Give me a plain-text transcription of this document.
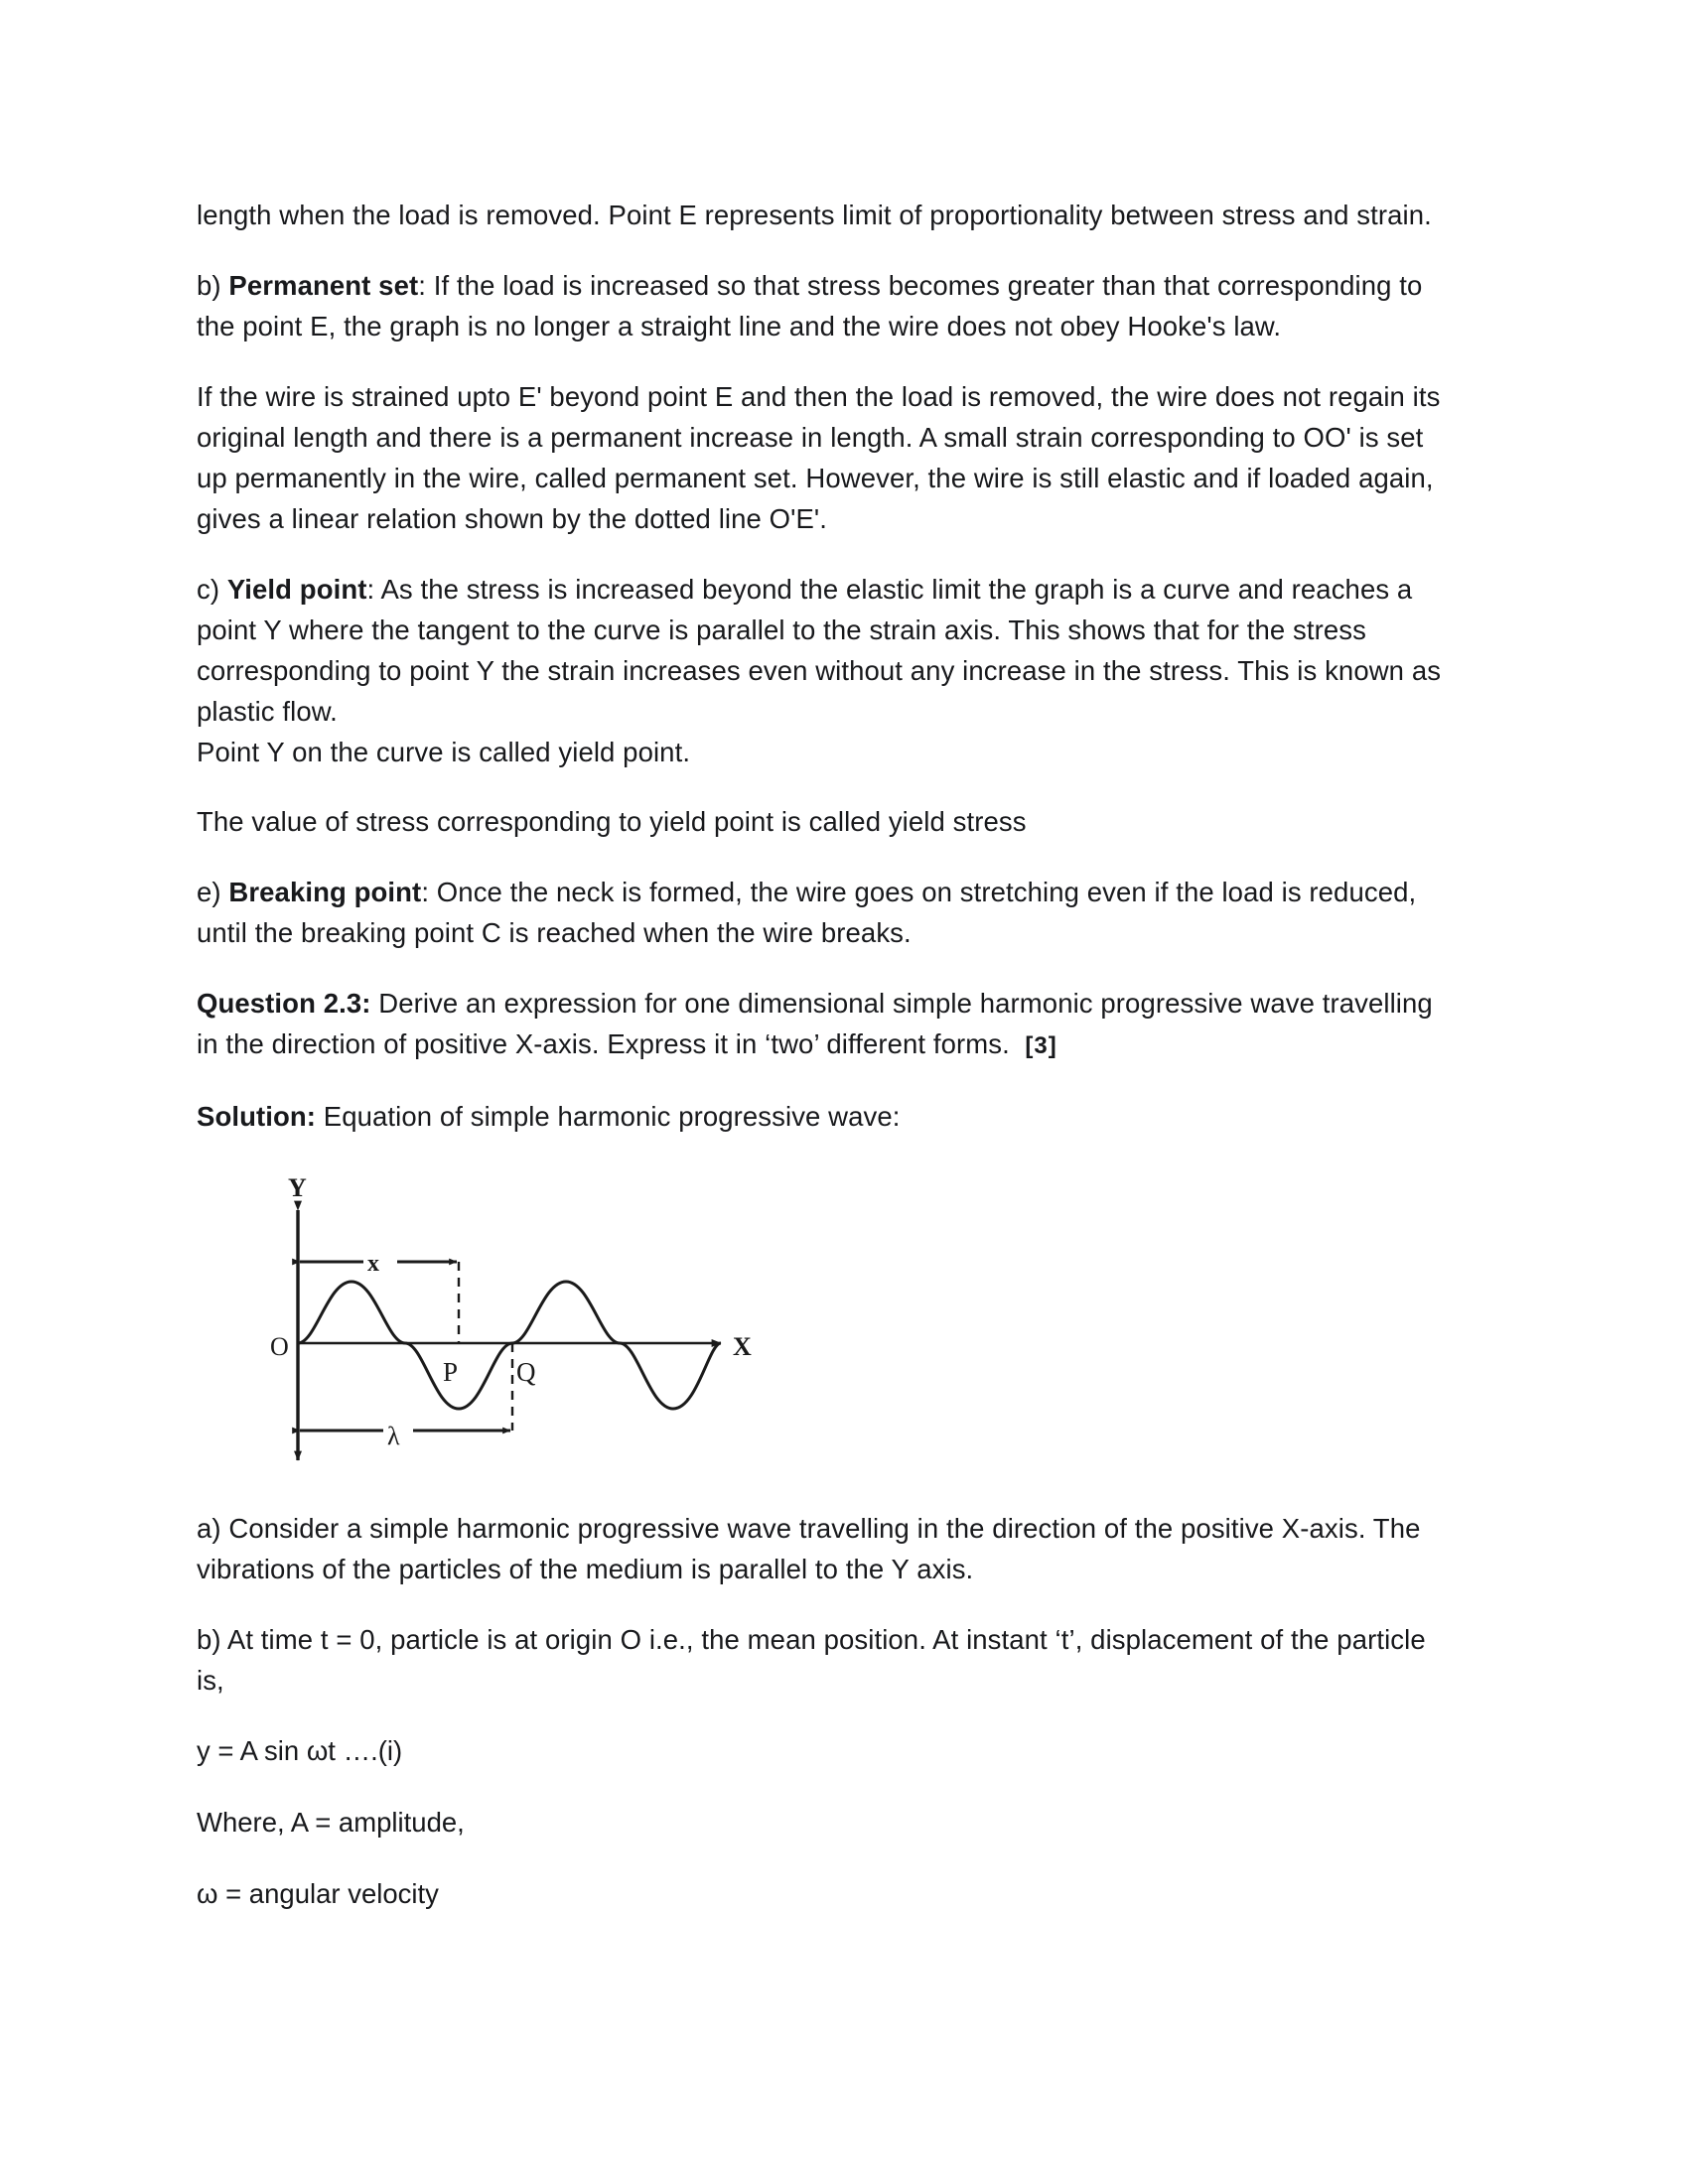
length when the load is removed. Point E represents limit of proportionality between stress and strain.

b) Permanent set: If the load is increased so that stress becomes greater than that corresponding to the point E, the graph is no longer a straight line and the wire does not obey Hooke's law.

If the wire is strained upto E' beyond point E and then the load is removed, the wire does not regain its original length and there is a permanent increase in length. A small strain corresponding to OO' is set up permanently in the wire, called permanent set. However, the wire is still elastic and if loaded again, gives a linear relation shown by the dotted line O'E'.

c) Yield point: As the stress is increased beyond the elastic limit the graph is a curve and reaches a point Y where the tangent to the curve is parallel to the strain axis. This shows that for the stress corresponding to point Y the strain increases even without any increase in the stress. This is known as plastic flow.
Point Y on the curve is called yield point.

The value of stress corresponding to yield point is called yield stress

e) Breaking point: Once the neck is formed, the wire goes on stretching even if the load is reduced, until the breaking point C is reached when the wire breaks.

Question 2.3: Derive an expression for one dimensional simple harmonic progressive wave travelling in the direction of positive X-axis. Express it in ‘two’ different forms. [3]

Solution: Equation of simple harmonic progressive wave:

Y
X
O
x
λ
P Q

a) Consider a simple harmonic progressive wave travelling in the direction of the positive X-axis. The vibrations of the particles of the medium is parallel to the Y axis.

b) At time t = 0, particle is at origin O i.e., the mean position. At instant ‘t’, displacement of the particle is,

y = A sin ωt ….(i)
Where, A = amplitude,
ω = angular velocity
